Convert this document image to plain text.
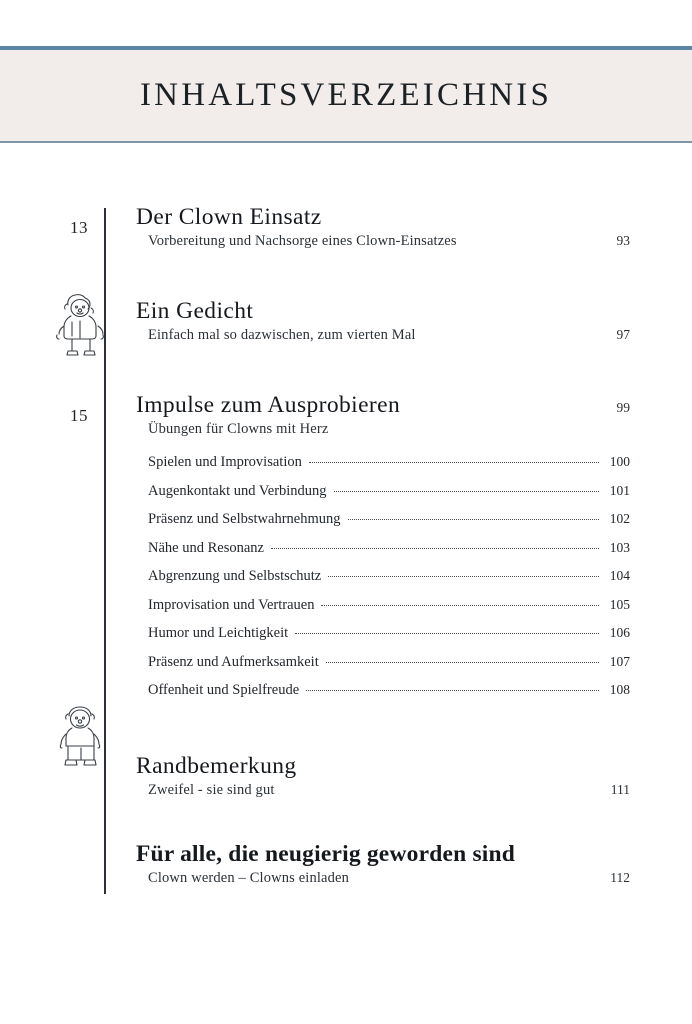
INHALTSVERZEICHNIS
13 Der Clown Einsatz
Vorbereitung und Nachsorge eines Clown-Einsatzes	93
Ein Gedicht
Einfach mal so dazwischen, zum vierten Mal	97
15 Impulse zum Ausprobieren	99
Übungen für Clowns mit Herz
Spielen und Improvisation	100
Augenkontakt und Verbindung	101
Präsenz und Selbstwahrnehmung	102
Nähe und Resonanz	103
Abgrenzung und Selbstschutz	104
Improvisation und Vertrauen	105
Humor und Leichtigkeit	106
Präsenz und Aufmerksamkeit	107
Offenheit und Spielfreude	108
Randbemerkung
Zweifel - sie sind gut	111
Für alle, die neugierig geworden sind
Clown werden – Clowns einladen	112
